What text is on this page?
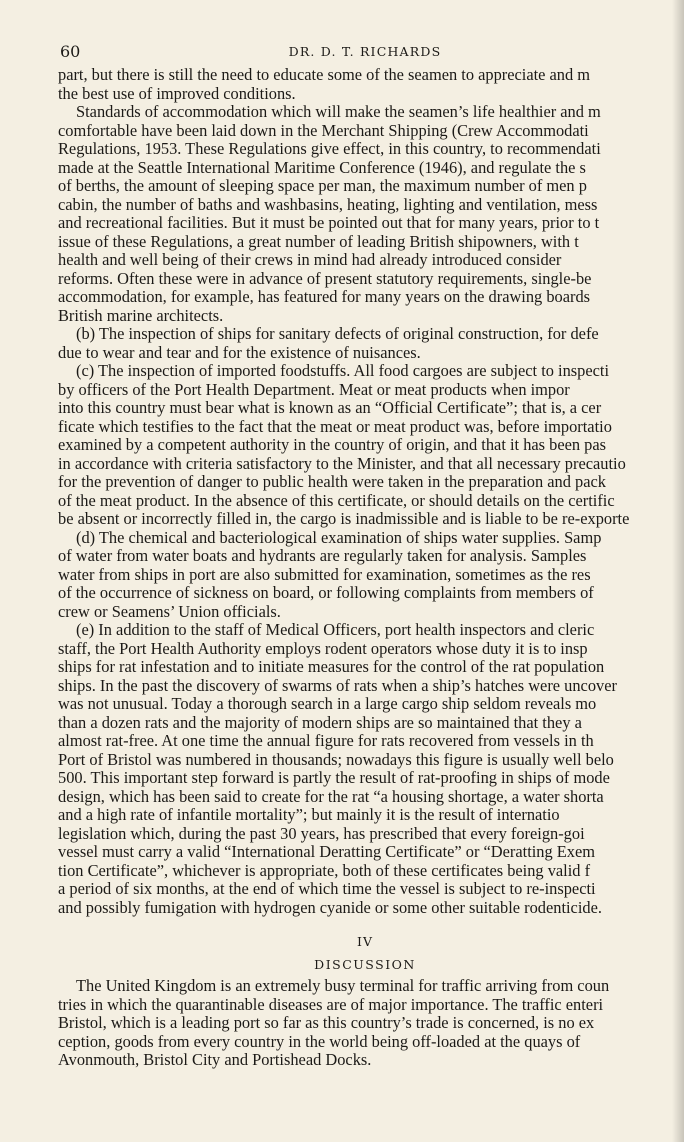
60	DR. D. T. RICHARDS
part, but there is still the need to educate some of the seamen to appreciate and m
the best use of improved conditions.
Standards of accommodation which will make the seamen’s life healthier and m
comfortable have been laid down in the Merchant Shipping (Crew Accommodati
Regulations, 1953. These Regulations give effect, in this country, to recommendati
made at the Seattle International Maritime Conference (1946), and regulate the s
of berths, the amount of sleeping space per man, the maximum number of men p
cabin, the number of baths and washbasins, heating, lighting and ventilation, mess
and recreational facilities. But it must be pointed out that for many years, prior to t
issue of these Regulations, a great number of leading British shipowners, with t
health and well being of their crews in mind had already introduced consider
reforms. Often these were in advance of present statutory requirements, single-be
accommodation, for example, has featured for many years on the drawing boards
British marine architects.
(b) The inspection of ships for sanitary defects of original construction, for defe
due to wear and tear and for the existence of nuisances.
(c) The inspection of imported foodstuffs. All food cargoes are subject to inspecti
by officers of the Port Health Department. Meat or meat products when impor
into this country must bear what is known as an “Official Certificate”; that is, a cer
ficate which testifies to the fact that the meat or meat product was, before importatio
examined by a competent authority in the country of origin, and that it has been pas
in accordance with criteria satisfactory to the Minister, and that all necessary precautio
for the prevention of danger to public health were taken in the preparation and pack
of the meat product. In the absence of this certificate, or should details on the certific
be absent or incorrectly filled in, the cargo is inadmissible and is liable to be re-exporte
(d) The chemical and bacteriological examination of ships water supplies. Samp
of water from water boats and hydrants are regularly taken for analysis. Samples
water from ships in port are also submitted for examination, sometimes as the res
of the occurrence of sickness on board, or following complaints from members of
crew or Seamens’ Union officials.
(e) In addition to the staff of Medical Officers, port health inspectors and cleric
staff, the Port Health Authority employs rodent operators whose duty it is to insp
ships for rat infestation and to initiate measures for the control of the rat population
ships. In the past the discovery of swarms of rats when a ship’s hatches were uncover
was not unusual. Today a thorough search in a large cargo ship seldom reveals mo
than a dozen rats and the majority of modern ships are so maintained that they a
almost rat-free. At one time the annual figure for rats recovered from vessels in th
Port of Bristol was numbered in thousands; nowadays this figure is usually well belo
500. This important step forward is partly the result of rat-proofing in ships of mode
design, which has been said to create for the rat “a housing shortage, a water shorta
and a high rate of infantile mortality”; but mainly it is the result of internatio
legislation which, during the past 30 years, has prescribed that every foreign-goi
vessel must carry a valid “International Deratting Certificate” or “Deratting Exem
tion Certificate”, whichever is appropriate, both of these certificates being valid f
a period of six months, at the end of which time the vessel is subject to re-inspecti
and possibly fumigation with hydrogen cyanide or some other suitable rodenticide.
IV
DISCUSSION
The United Kingdom is an extremely busy terminal for traffic arriving from coun
tries in which the quarantinable diseases are of major importance. The traffic enteri
Bristol, which is a leading port so far as this country’s trade is concerned, is no ex
ception, goods from every country in the world being off-loaded at the quays of
Avonmouth, Bristol City and Portishead Docks.
